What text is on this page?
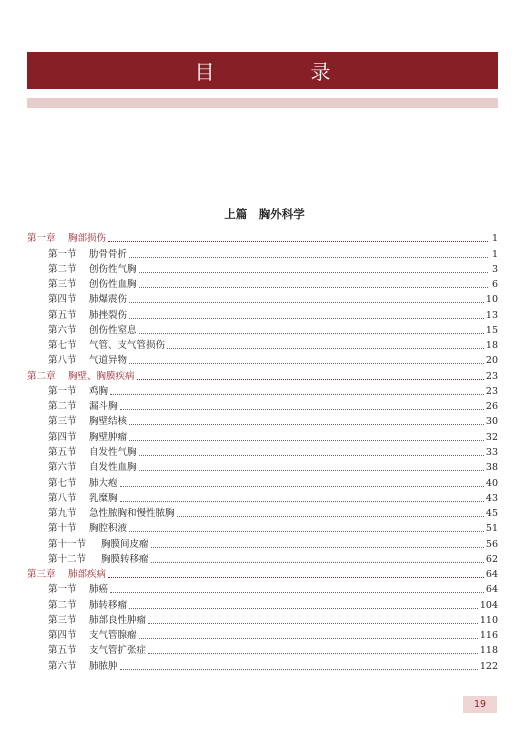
目　录
上篇　胸外科学
第一章	胸部损伤	1
第一节	肋骨骨折	1
第二节	创伤性气胸	3
第三节	创伤性血胸	6
第四节	肺爆震伤	10
第五节	肺挫裂伤	13
第六节	创伤性窒息	15
第七节	气管、支气管损伤	18
第八节	气道异物	20
第二章	胸壁、胸膜疾病	23
第一节	鸡胸	23
第二节	漏斗胸	26
第三节	胸壁结核	30
第四节	胸壁肿瘤	32
第五节	自发性气胸	33
第六节	自发性血胸	38
第七节	肺大疱	40
第八节	乳糜胸	43
第九节	急性脓胸和慢性脓胸	45
第十节	胸腔积液	51
第十一节	胸膜间皮瘤	56
第十二节	胸膜转移瘤	62
第三章	肺部疾病	64
第一节	肺癌	64
第二节	肺转移瘤	104
第三节	肺部良性肿瘤	110
第四节	支气管腺瘤	116
第五节	支气管扩张症	118
第六节	肺脓肿	122
19
